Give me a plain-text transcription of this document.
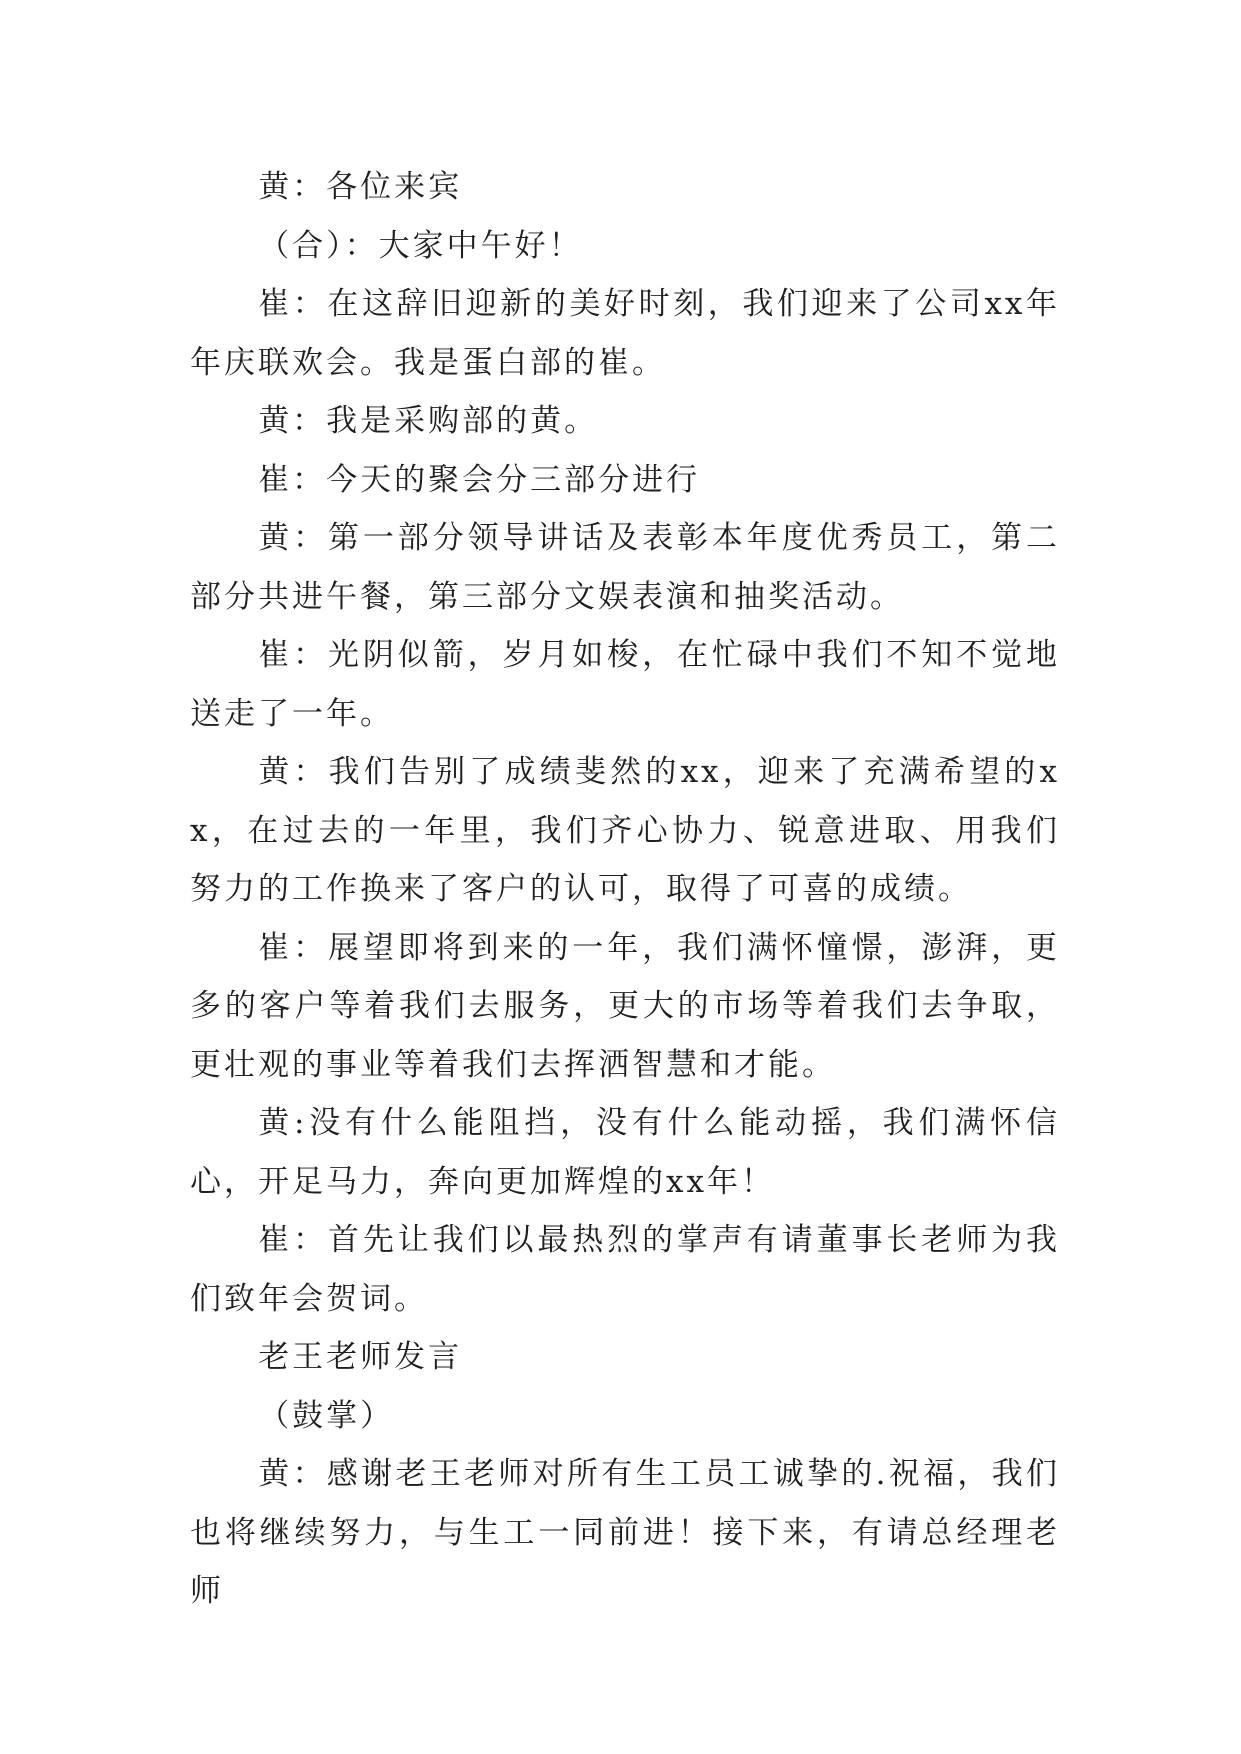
黄：各位来宾

（合）：大家中午好！

崔：在这辞旧迎新的美好时刻，我们迎来了公司xx年年庆联欢会。我是蛋白部的崔。

黄：我是采购部的黄。

崔：今天的聚会分三部分进行

黄：第一部分领导讲话及表彰本年度优秀员工，第二部分共进午餐，第三部分文娱表演和抽奖活动。

崔：光阴似箭，岁月如梭，在忙碌中我们不知不觉地送走了一年。

黄：我们告别了成绩斐然的xx，迎来了充满希望的xx，在过去的一年里，我们齐心协力、锐意进取、用我们努力的工作换来了客户的认可，取得了可喜的成绩。

崔：展望即将到来的一年，我们满怀憧憬，澎湃，更多的客户等着我们去服务，更大的市场等着我们去争取，更壮观的事业等着我们去挥洒智慧和才能。

黄:没有什么能阻挡，没有什么能动摇，我们满怀信心，开足马力，奔向更加辉煌的xx年！

崔：首先让我们以最热烈的掌声有请董事长老师为我们致年会贺词。

老王老师发言

（鼓掌）

黄：感谢老王老师对所有生工员工诚挚的.祝福，我们也将继续努力，与生工一同前进！接下来，有请总经理老师
